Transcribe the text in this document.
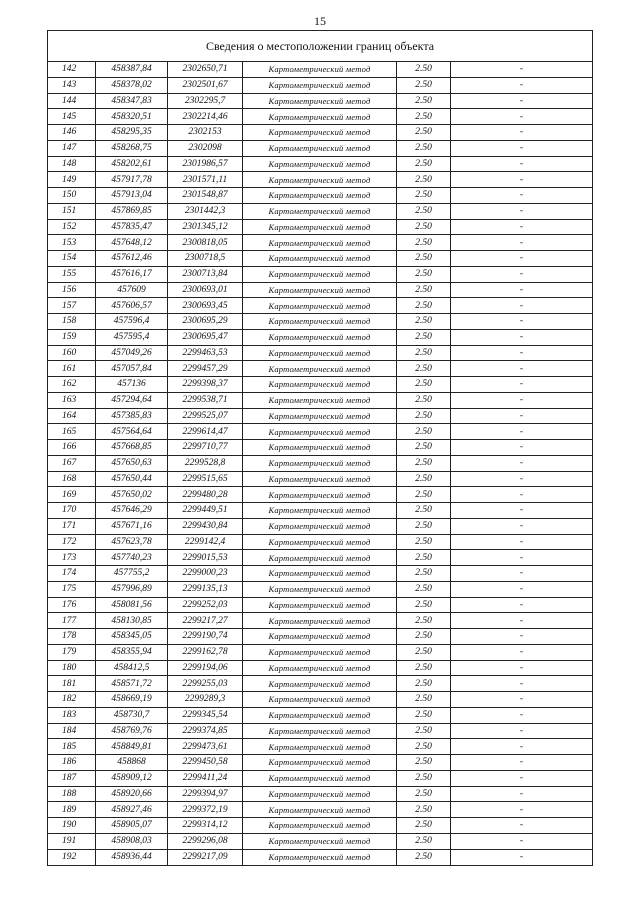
15
Сведения о местоположении границ объекта
142	458387,84	2302650,71	Картометрический метод	2.50	-
143	458378,02	2302501,67	Картометрический метод	2.50	-
144	458347,83	2302295,7	Картометрический метод	2.50	-
145	458320,51	2302214,46	Картометрический метод	2.50	-
146	458295,35	2302153	Картометрический метод	2.50	-
147	458268,75	2302098	Картометрический метод	2.50	-
148	458202,61	2301986,57	Картометрический метод	2.50	-
149	457917,78	2301571,11	Картометрический метод	2.50	-
150	457913,04	2301548,87	Картометрический метод	2.50	-
151	457869,85	2301442,3	Картометрический метод	2.50	-
152	457835,47	2301345,12	Картометрический метод	2.50	-
153	457648,12	2300818,05	Картометрический метод	2.50	-
154	457612,46	2300718,5	Картометрический метод	2.50	-
155	457616,17	2300713,84	Картометрический метод	2.50	-
156	457609	2300693,01	Картометрический метод	2.50	-
157	457606,57	2300693,45	Картометрический метод	2.50	-
158	457596,4	2300695,29	Картометрический метод	2.50	-
159	457595,4	2300695,47	Картометрический метод	2.50	-
160	457049,26	2299463,53	Картометрический метод	2.50	-
161	457057,84	2299457,29	Картометрический метод	2.50	-
162	457136	2299398,37	Картометрический метод	2.50	-
163	457294,64	2299538,71	Картометрический метод	2.50	-
164	457385,83	2299525,07	Картометрический метод	2.50	-
165	457564,64	2299614,47	Картометрический метод	2.50	-
166	457668,85	2299710,77	Картометрический метод	2.50	-
167	457650,63	2299528,8	Картометрический метод	2.50	-
168	457650,44	2299515,65	Картометрический метод	2.50	-
169	457650,02	2299480,28	Картометрический метод	2.50	-
170	457646,29	2299449,51	Картометрический метод	2.50	-
171	457671,16	2299430,84	Картометрический метод	2.50	-
172	457623,78	2299142,4	Картометрический метод	2.50	-
173	457740,23	2299015,53	Картометрический метод	2.50	-
174	457755,2	2299000,23	Картометрический метод	2.50	-
175	457996,89	2299135,13	Картометрический метод	2.50	-
176	458081,56	2299252,03	Картометрический метод	2.50	-
177	458130,85	2299217,27	Картометрический метод	2.50	-
178	458345,05	2299190,74	Картометрический метод	2.50	-
179	458355,94	2299162,78	Картометрический метод	2.50	-
180	458412,5	2299194,06	Картометрический метод	2.50	-
181	458571,72	2299255,03	Картометрический метод	2.50	-
182	458669,19	2299289,3	Картометрический метод	2.50	-
183	458730,7	2299345,54	Картометрический метод	2.50	-
184	458769,76	2299374,85	Картометрический метод	2.50	-
185	458849,81	2299473,61	Картометрический метод	2.50	-
186	458868	2299450,58	Картометрический метод	2.50	-
187	458909,12	2299411,24	Картометрический метод	2.50	-
188	458920,66	2299394,97	Картометрический метод	2.50	-
189	458927,46	2299372,19	Картометрический метод	2.50	-
190	458905,07	2299314,12	Картометрический метод	2.50	-
191	458908,03	2299296,08	Картометрический метод	2.50	-
192	458936,44	2299217,09	Картометрический метод	2.50	-
